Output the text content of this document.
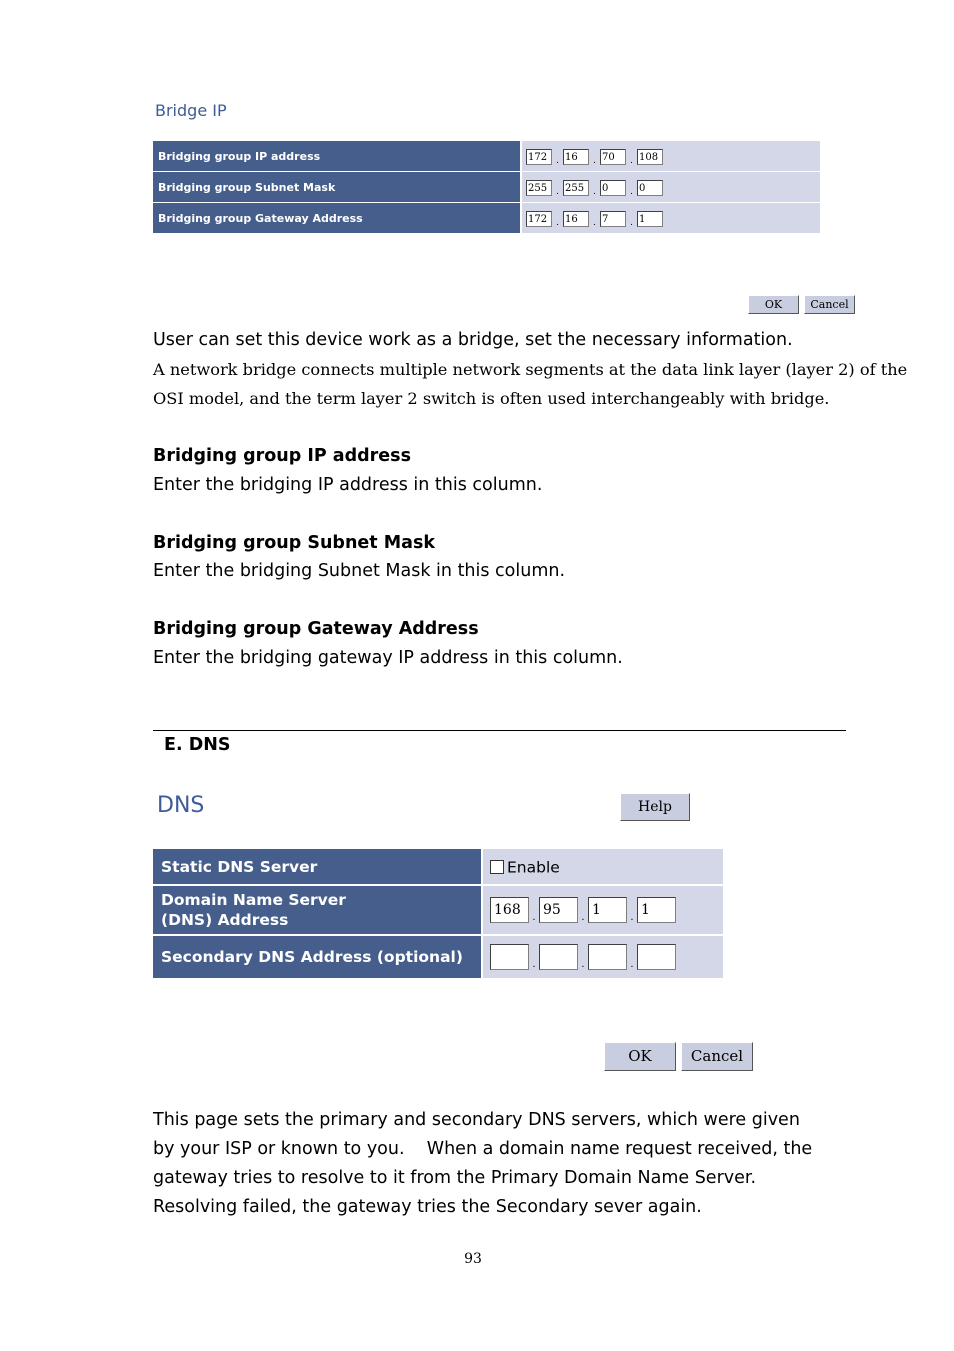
Bridge IP
Bridging group IP address	172 . 16 . 70 . 108
Bridging group Subnet Mask	255 . 255 . 0 . 0
Bridging group Gateway Address	172 . 16 . 7 . 1
OK	Cancel
User can set this device work as a bridge, set the necessary information.
A network bridge connects multiple network segments at the data link layer (layer 2) of the
OSI model, and the term layer 2 switch is often used interchangeably with bridge.
Bridging group IP address
Enter the bridging IP address in this column.
Bridging group Subnet Mask
Enter the bridging Subnet Mask in this column.
Bridging group Gateway Address
Enter the bridging gateway IP address in this column.
E. DNS
DNS	Help
Static DNS Server	Enable

Domain Name Server
(DNS) Address	168 . 95 . 1 . 1
Secondary DNS Address (optional)	. . .
OK	Cancel
This page sets the primary and secondary DNS servers, which were given
by your ISP or known to you.    When a domain name request received, the
gateway tries to resolve to it from the Primary Domain Name Server.
Resolving failed, the gateway tries the Secondary sever again.
93
